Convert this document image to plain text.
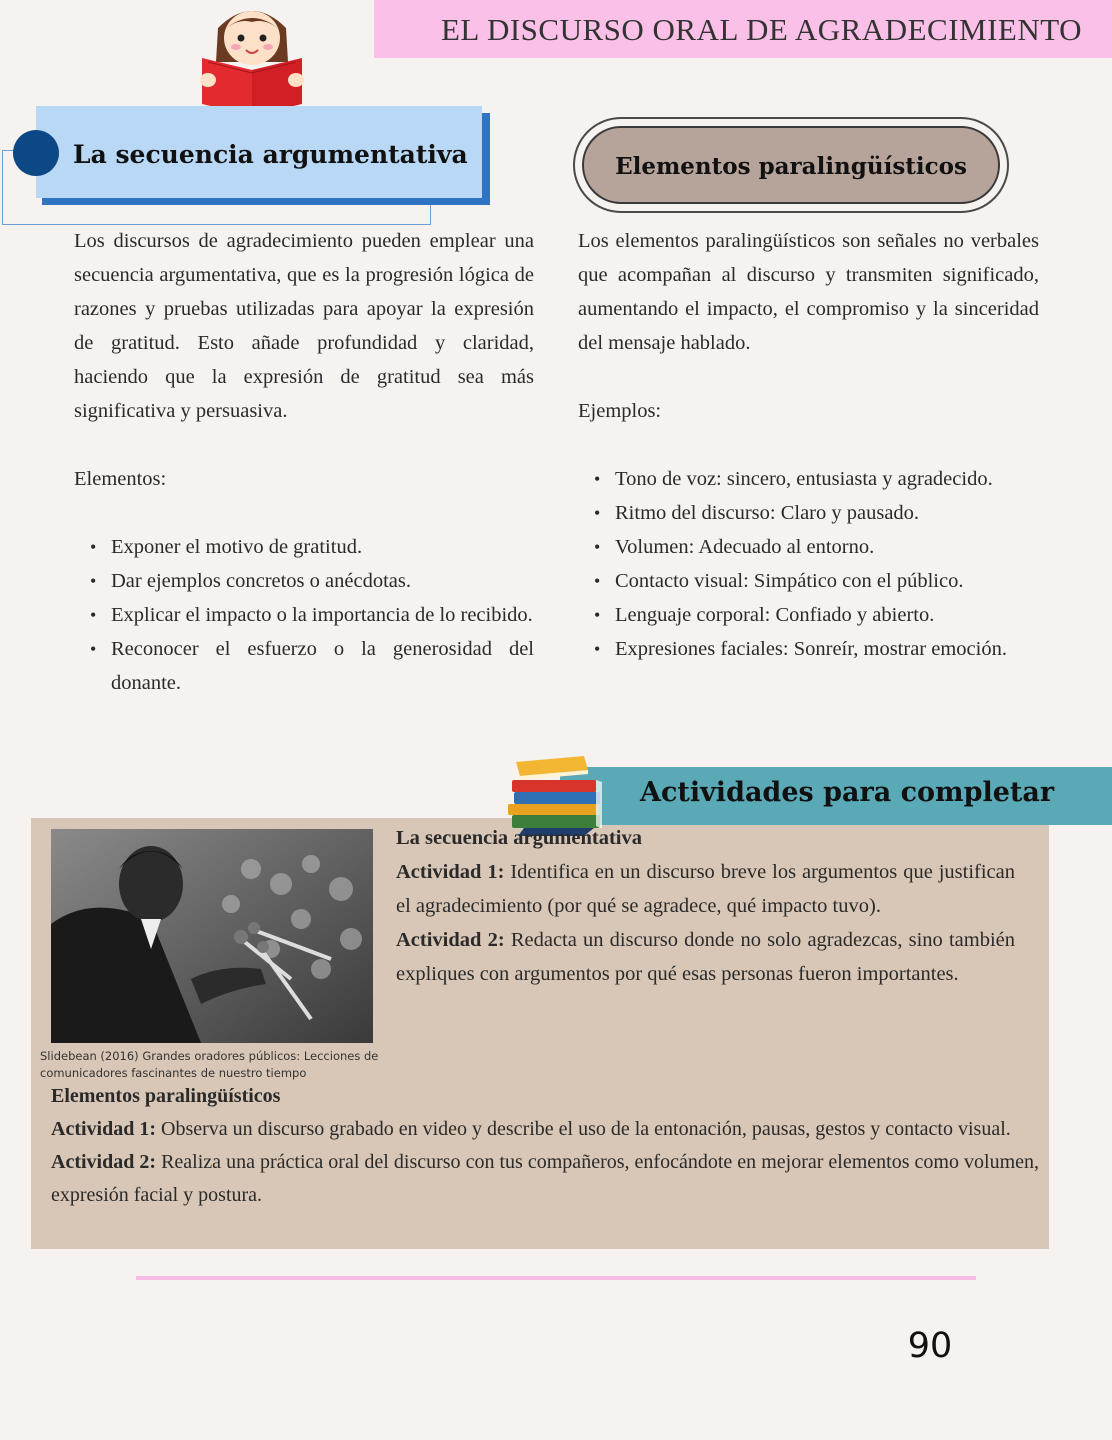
EL DISCURSO ORAL DE AGRADECIMIENTO
La secuencia argumentativa	Elementos paralingüísticos

Los discursos de agradecimiento pueden emplear una secuencia argumentativa, que es la progresión lógica de razones y pruebas utilizadas para apoyar la expresión de gratitud. Esto añade profundidad y claridad, haciendo que la expresión de gratitud sea más significativa y persuasiva.

Elementos:

• Exponer el motivo de gratitud.
• Dar ejemplos concretos o anécdotas.
• Explicar el impacto o la importancia de lo recibido.
• Reconocer el esfuerzo o la generosidad del donante.

Los elementos paralingüísticos son señales no verbales que acompañan al discurso y transmiten significado, aumentando el impacto, el compromiso y la sinceridad del mensaje hablado.

Ejemplos:

• Tono de voz: sincero, entusiasta y agradecido.
• Ritmo del discurso: Claro y pausado.
• Volumen: Adecuado al entorno.
• Contacto visual: Simpático con el público.
• Lenguaje corporal: Confiado y abierto.
• Expresiones faciales: Sonreír, mostrar emoción.
Actividades para completar
Slidebean (2016) Grandes oradores públicos: Lecciones de comunicadores fascinantes de nuestro tiempo
La secuencia argumentativa

Actividad 1: Identifica en un discurso breve los argumentos que justifican el agradecimiento (por qué se agradece, qué impacto tuvo).

Actividad 2: Redacta un discurso donde no solo agradezcas, sino también expliques con argumentos por qué esas personas fueron importantes.

Elementos paralingüísticos

Actividad 1: Observa un discurso grabado en video y describe el uso de la entonación, pausas, gestos y contacto visual.

Actividad 2: Realiza una práctica oral del discurso con tus compañeros, enfocándote en mejorar elementos como volumen, expresión facial y postura.

90
